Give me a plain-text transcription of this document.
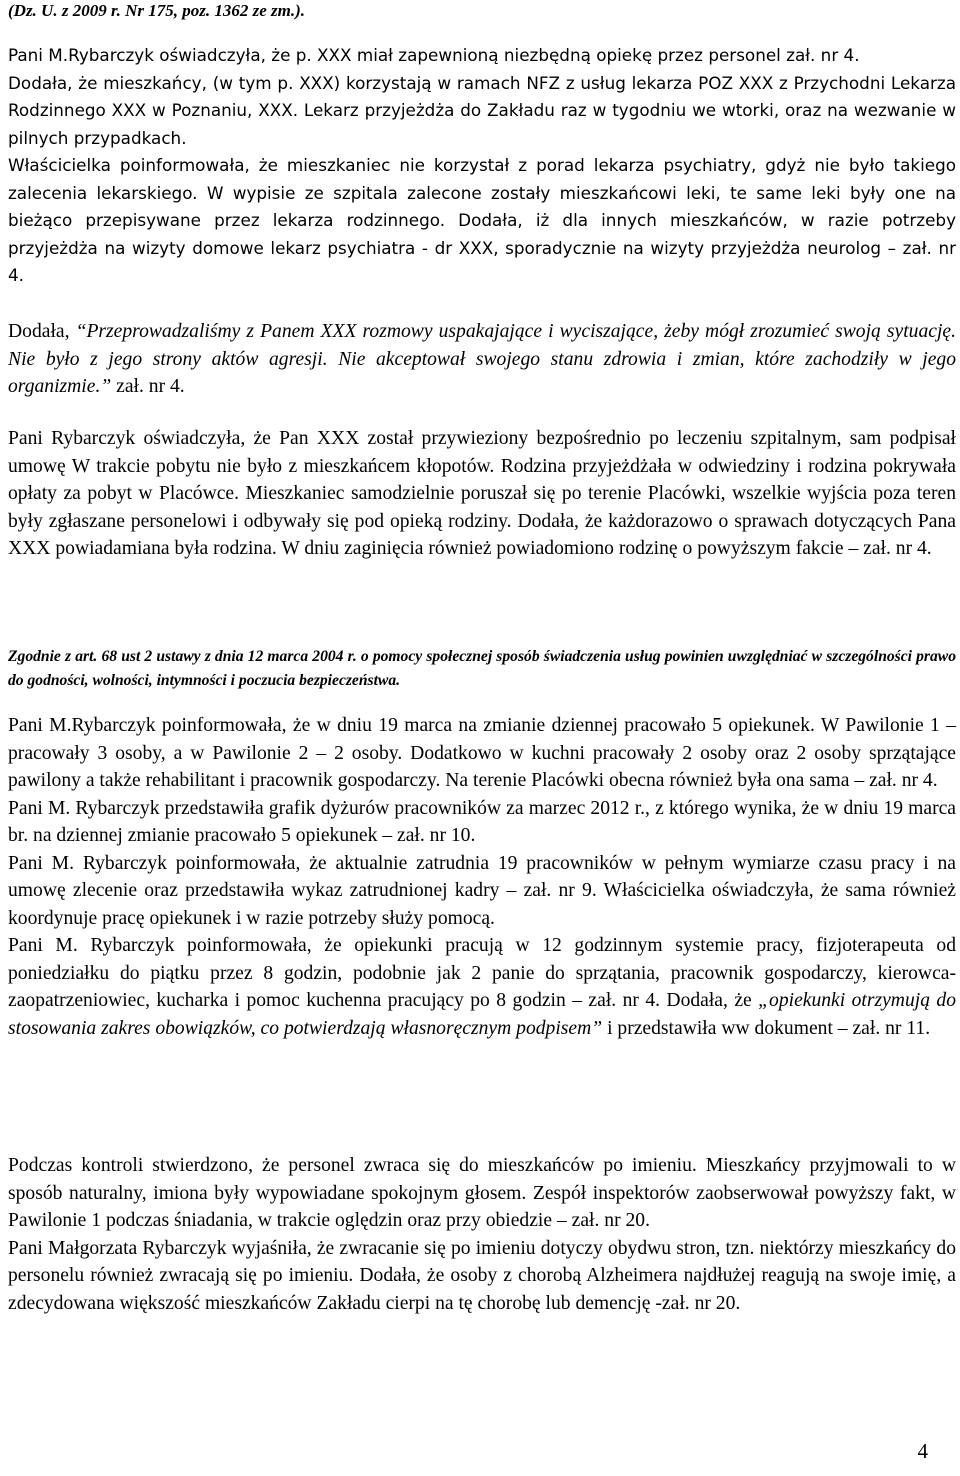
(Dz. U. z 2009 r. Nr 175, poz. 1362 ze zm.).

Pani M.Rybarczyk oświadczyła, że p. XXX miał zapewnioną niezbędną opiekę przez personel zał. nr 4.

Dodała, że mieszkańcy, (w tym p. XXX) korzystają w ramach NFZ z usług lekarza POZ XXX z Przychodni Lekarza Rodzinnego XXX w Poznaniu, XXX. Lekarz przyjeżdża do Zakładu raz w tygodniu we wtorki, oraz na wezwanie w pilnych przypadkach.

Właścicielka poinformowała, że mieszkaniec nie korzystał z porad lekarza psychiatry, gdyż nie było takiego zalecenia lekarskiego. W wypisie ze szpitala zalecone zostały mieszkańcowi leki, te same leki były one na bieżąco przepisywane przez lekarza rodzinnego. Dodała, iż dla innych mieszkańców, w razie potrzeby przyjeżdża na wizyty domowe lekarz psychiatra - dr XXX, sporadycznie na wizyty przyjeżdża neurolog – zał. nr 4.

Dodała, “Przeprowadzaliśmy z Panem XXX rozmowy uspakajające i wyciszające, żeby mógł zrozumieć swoją sytuację. Nie było z jego strony aktów agresji. Nie akceptował swojego stanu zdrowia i zmian, które zachodziły w jego organizmie.” zał. nr 4.

Pani Rybarczyk oświadczyła, że Pan XXX został przywieziony bezpośrednio po leczeniu szpitalnym, sam podpisał umowę W trakcie pobytu nie było z mieszkańcem kłopotów. Rodzina przyjeżdżała w odwiedziny i rodzina pokrywała opłaty za pobyt w Placówce. Mieszkaniec samodzielnie poruszał się po terenie Placówki, wszelkie wyjścia poza teren były zgłaszane personelowi i odbywały się pod opieką rodziny. Dodała, że każdorazowo o sprawach dotyczących Pana XXX powiadamiana była rodzina. W dniu zaginięcia również powiadomiono rodzinę o powyższym fakcie – zał. nr 4.

Zgodnie z art. 68 ust 2 ustawy z dnia 12 marca 2004 r. o pomocy społecznej sposób świadczenia usług powinien uwzględniać w szczególności prawo do godności, wolności, intymności i poczucia bezpieczeństwa.

Pani M.Rybarczyk poinformowała, że w dniu 19 marca na zmianie dziennej pracowało 5 opiekunek. W Pawilonie 1 – pracowały 3 osoby, a w Pawilonie 2 – 2 osoby. Dodatkowo w kuchni pracowały 2 osoby oraz 2 osoby sprzątające pawilony a także rehabilitant i pracownik gospodarczy. Na terenie Placówki obecna również była ona sama – zał. nr 4.

Pani M. Rybarczyk przedstawiła grafik dyżurów pracowników za marzec 2012 r., z którego wynika, że w dniu 19 marca br. na dziennej zmianie pracowało 5 opiekunek – zał. nr 10.

Pani M. Rybarczyk poinformowała, że aktualnie zatrudnia 19 pracowników w pełnym wymiarze czasu pracy i na umowę zlecenie oraz przedstawiła wykaz zatrudnionej kadry – zał. nr 9. Właścicielka oświadczyła, że sama również koordynuje pracę opiekunek i w razie potrzeby służy pomocą.

Pani M. Rybarczyk poinformowała, że opiekunki pracują w 12 godzinnym systemie pracy, fizjoterapeuta od poniedziałku do piątku przez 8 godzin, podobnie jak 2 panie do sprzątania, pracownik gospodarczy, kierowca-zaopatrzeniowiec, kucharka i pomoc kuchenna pracujący po 8 godzin – zał. nr 4. Dodała, że „opiekunki otrzymują do stosowania zakres obowiązków, co potwierdzają własnoręcznym podpisem” i przedstawiła ww dokument – zał. nr 11.

Podczas kontroli stwierdzono, że personel zwraca się do mieszkańców po imieniu. Mieszkańcy przyjmowali to w sposób naturalny, imiona były wypowiadane spokojnym głosem. Zespół inspektorów zaobserwował powyższy fakt, w Pawilonie 1 podczas śniadania, w trakcie oględzin oraz przy obiedzie – zał. nr 20.

Pani Małgorzata Rybarczyk wyjaśniła, że zwracanie się po imieniu dotyczy obydwu stron, tzn. niektórzy mieszkańcy do personelu również zwracają się po imieniu. Dodała, że osoby z chorobą Alzheimera najdłużej reagują na swoje imię, a zdecydowana większość mieszkańców Zakładu cierpi na tę chorobę lub demencję -zał. nr 20.

4
